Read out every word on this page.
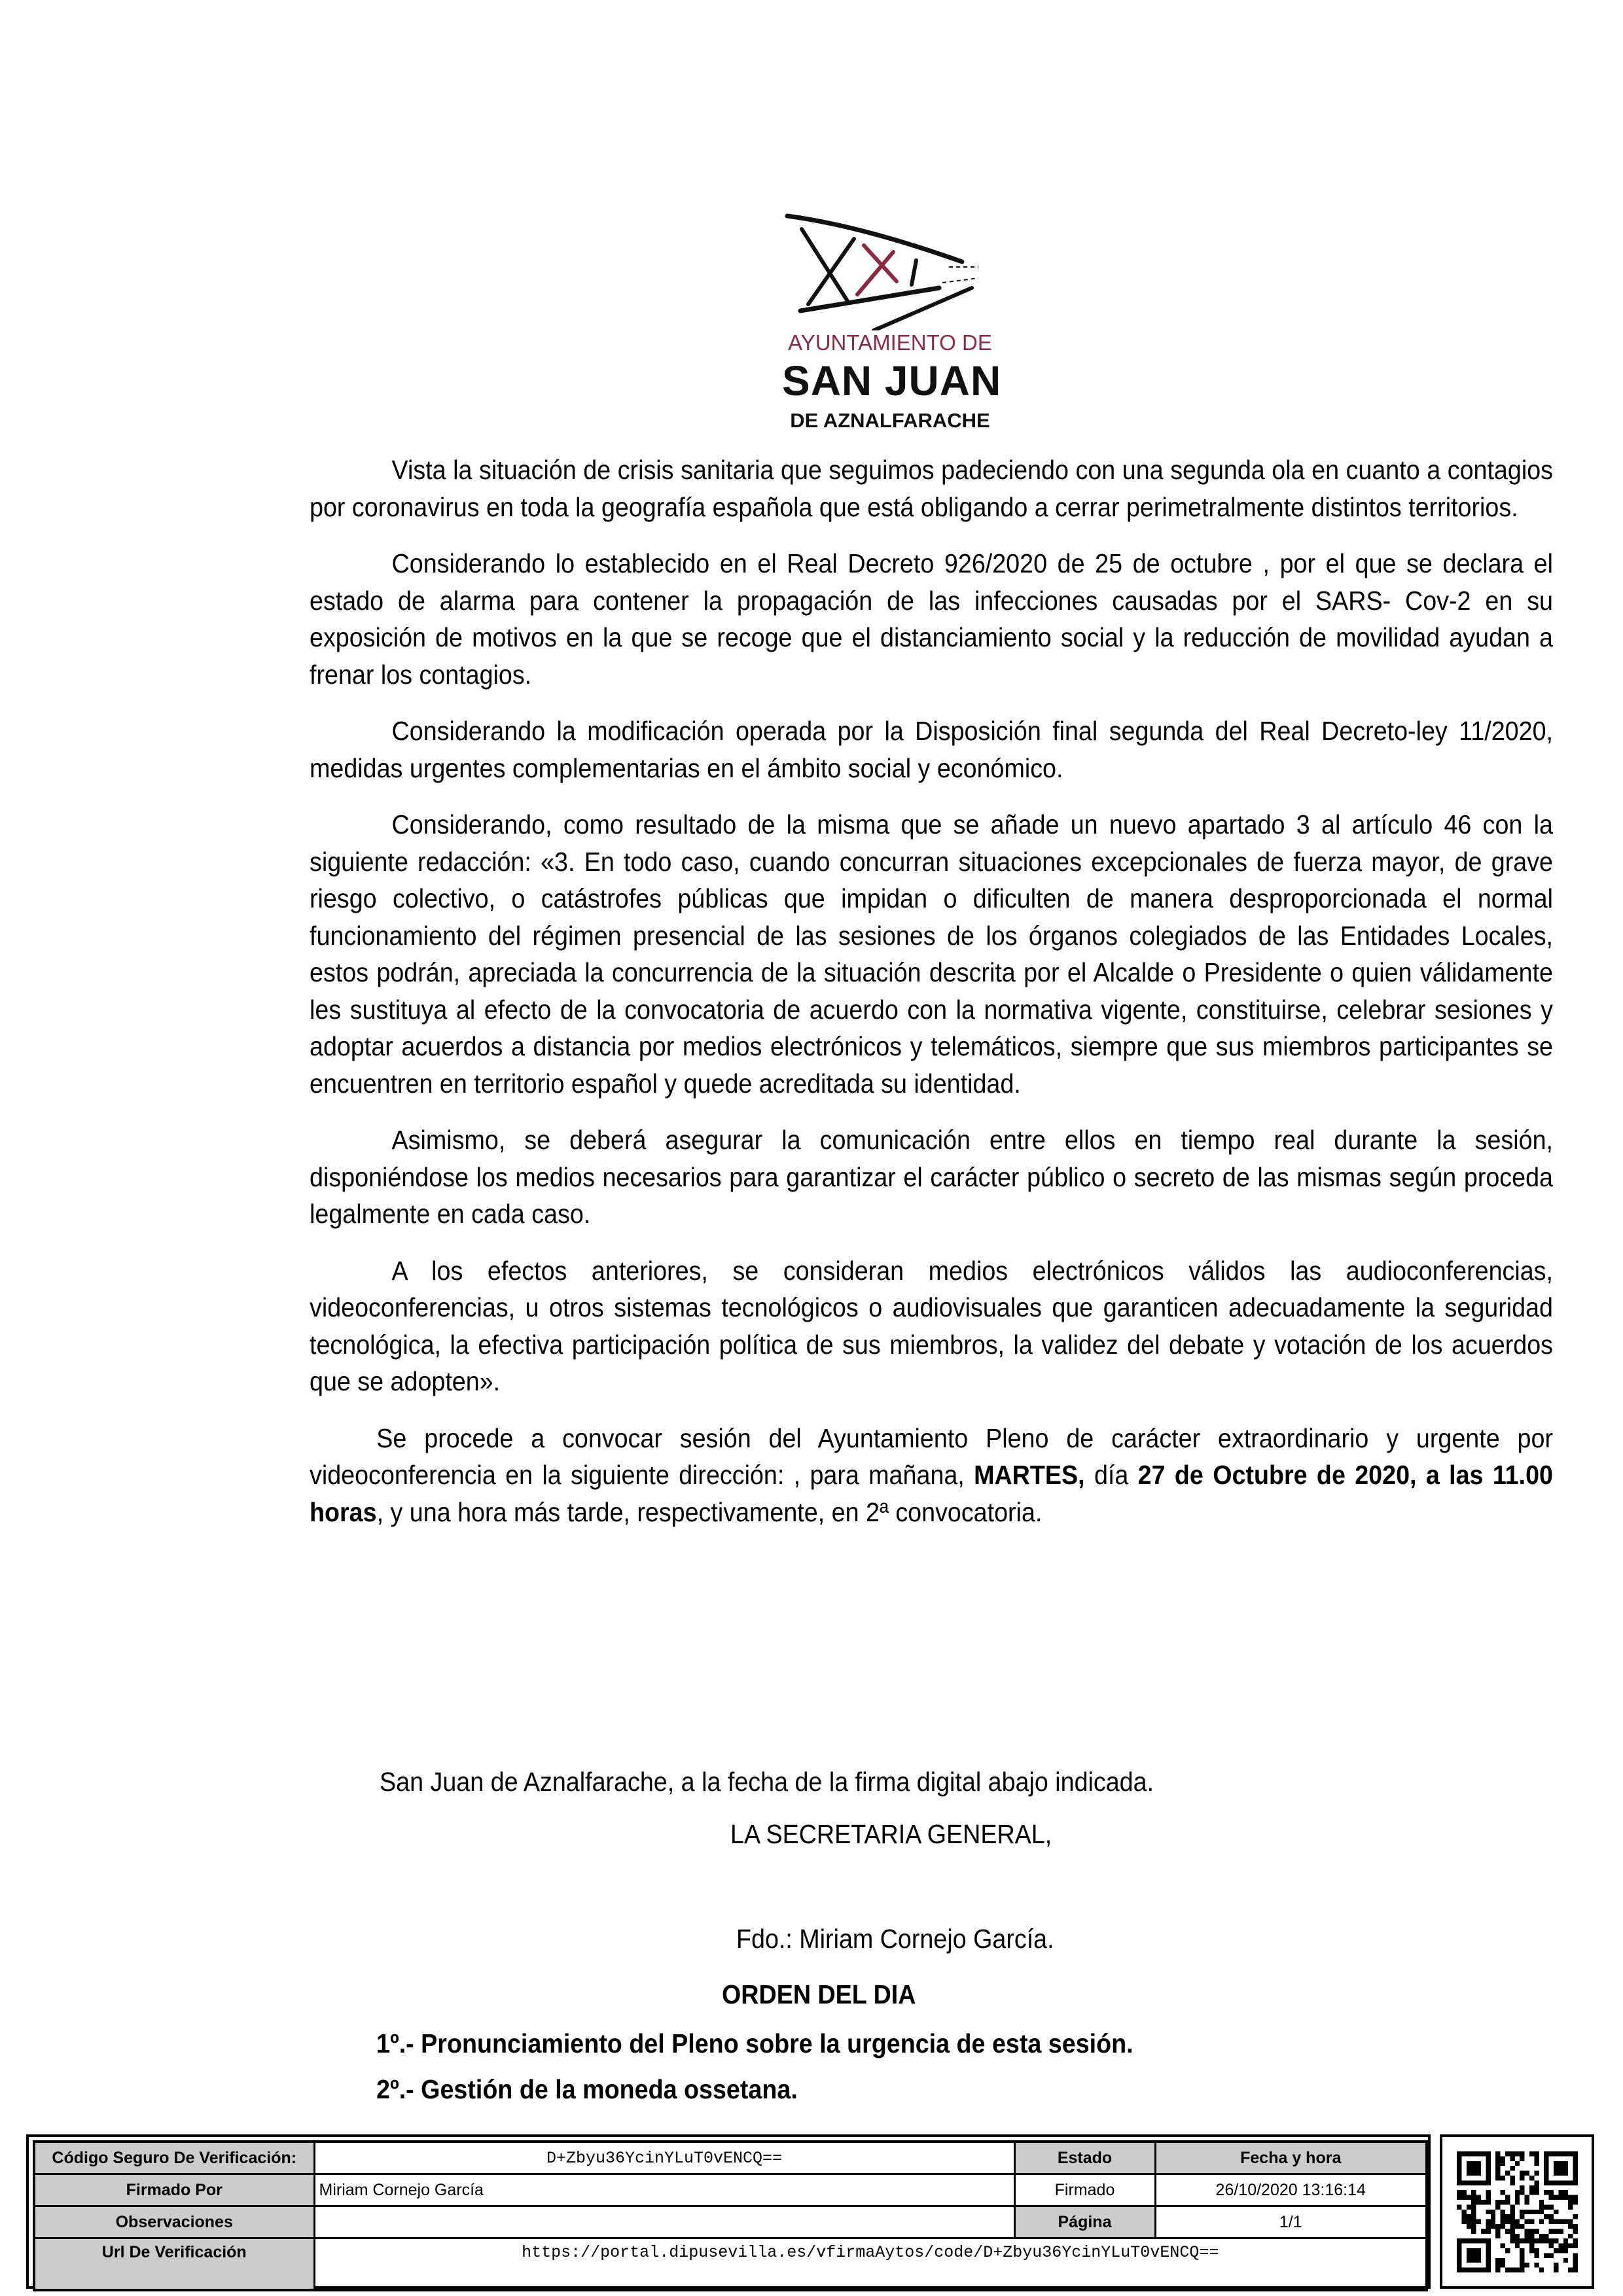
AYUNTAMIENTO DE
SAN JUAN
DE AZNALFARACHE

Vista la situación de crisis sanitaria que seguimos padeciendo con una segunda ola en cuanto a contagios por coronavirus en toda la geografía española que está obligando a cerrar perimetralmente distintos territorios.

Considerando lo establecido en el Real Decreto 926/2020 de 25 de octubre , por el que se declara el estado de alarma para contener la propagación de las infecciones causadas por el SARS- Cov-2 en su exposición de motivos en la que se recoge que el distanciamiento social y la reducción de movilidad ayudan a frenar los contagios.

Considerando la modificación operada por la Disposición final segunda del Real Decreto-ley 11/2020, medidas urgentes complementarias en el ámbito social y económico.

Considerando, como resultado de la misma que se añade un nuevo apartado 3 al artículo 46 con la siguiente redacción: «3. En todo caso, cuando concurran situaciones excepcionales de fuerza mayor, de grave riesgo colectivo, o catástrofes públicas que impidan o dificulten de manera desproporcionada el normal funcionamiento del régimen presencial de las sesiones de los órganos colegiados de las Entidades Locales, estos podrán, apreciada la concurrencia de la situación descrita por el Alcalde o Presidente o quien válidamente les sustituya al efecto de la convocatoria de acuerdo con la normativa vigente, constituirse, celebrar sesiones y adoptar acuerdos a distancia por medios electrónicos y telemáticos, siempre que sus miembros participantes se encuentren en territorio español y quede acreditada su identidad.

Asimismo, se deberá asegurar la comunicación entre ellos en tiempo real durante la sesión, disponiéndose los medios necesarios para garantizar el carácter público o secreto de las mismas según proceda legalmente en cada caso.

A los efectos anteriores, se consideran medios electrónicos válidos las audioconferencias, videoconferencias, u otros sistemas tecnológicos o audiovisuales que garanticen adecuadamente la seguridad tecnológica, la efectiva participación política de sus miembros, la validez del debate y votación de los acuerdos que se adopten».

Se procede a convocar sesión del Ayuntamiento Pleno de carácter extraordinario y urgente por videoconferencia en la siguiente dirección: , para mañana, MARTES, día 27 de Octubre de 2020, a las 11.00 horas, y una hora más tarde, respectivamente, en 2ª convocatoria.

San Juan de Aznalfarache, a la fecha de la firma digital abajo indicada.
LA SECRETARIA GENERAL,
Fdo.: Miriam Cornejo García.
ORDEN DEL DIA
1º.- Pronunciamiento del Pleno sobre la urgencia de esta sesión.
2º.- Gestión de la moneda ossetana.
Código Seguro De Verificación:	D+Zbyu36YcinYLuT0vENCQ==	Estado	Fecha y hora
Firmado Por	Miriam Cornejo García	Firmado	26/10/2020 13:16:14
Observaciones		Página	1/1
Url De Verificación	https://portal.dipusevilla.es/vfirmaAytos/code/D+Zbyu36YcinYLuT0vENCQ==		
